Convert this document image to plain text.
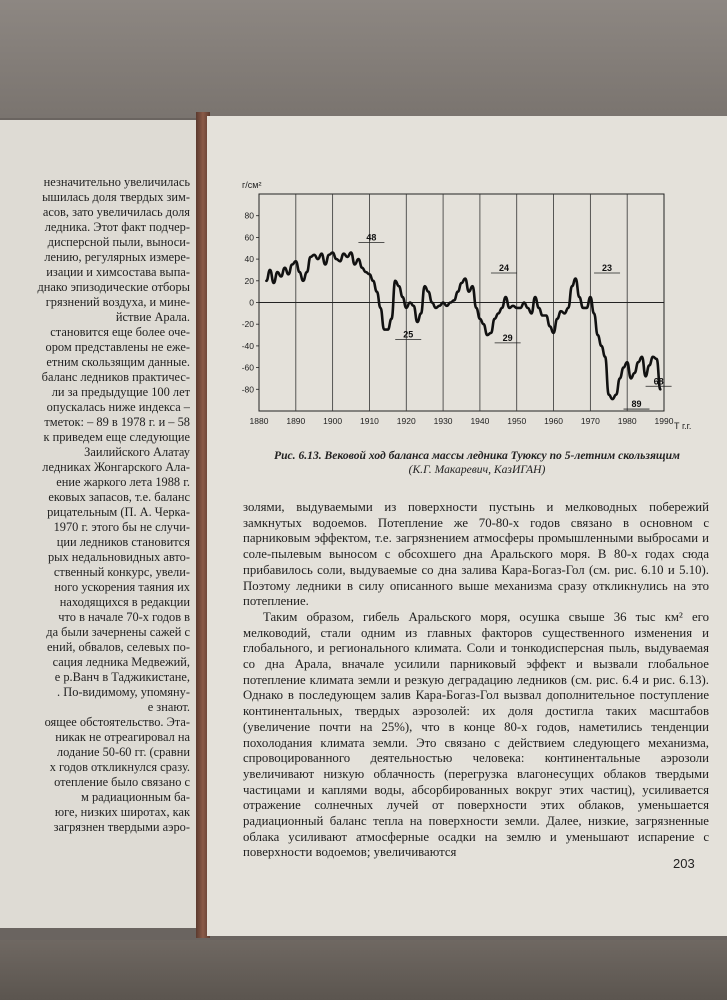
незначительно увеличилась
ышилась доля твердых зим-
асов, зато увеличилась доля
ледника. Этот факт подчер-
дисперсной пыли, выноси-
лению, регулярных измере-
изации и химсостава выпа-
днако эпизодические отборы
грязнений воздуха, и мине-
йствие Арала.
становится еще более оче-
ором представлены не еже-
етним скользящим данные.
баланс ледников практичес-
ли за предыдущие 100 лет
опускалась ниже индекса –
тметок: – 89 в 1978 г. и – 58
к приведем еще следующие
Заилийского Алатау
ледниках Жонгарского Ала-
ение жаркого лета 1988 г.
ековых запасов, т.е. баланс
рицательным (П. А. Черка-
1970 г. этого бы не случи-
ции ледников становится
рых недальновидных авто-
ственный конкурс, увели-
ного ускорения таяния их
находящихся в редакции
что в начале 70-х годов в
да были зачернены сажей с
ений, обвалов, селевых по-
сация ледника Медвежий,
е р.Ванч в Таджикистане,
. По-видимому, упомяну-
е знают.
оящее обстоятельство. Эта-
никак не отреагировал на
лодание 50-60 гг. (сравни
х годов откликнулся сразу.
отепление было связано с
м радиационным ба-
юге, низких широтах, как
загрязнен твердыми аэро-
80
60
40
20
0
-20
-40
-60
-80
1880 1890 1900 1910 1920 1930 1940 1950 1960 1970 1980 1990
48
25
24
29
23
89
68
г/см²
Т г.г.
Рис. 6.13. Вековой ход баланса массы ледника Туюксу по 5-летним скользящим
(К.Г. Макаревич, КазИГАН)

золями, выдуваемыми из поверхности пустынь и мелководных побережий замкнутых водоемов. Потепление же 70-80-х годов связано в основном с парниковым эффектом, т.е. загрязнением атмосферы промышленными выбросами и соле-пылевым выносом с обсохшего дна Аральского моря. В 80-х годах сюда прибавилось соли, выдуваемые со дна залива Кара-Богаз-Гол (см. рис. 6.10 и 5.10). Поэтому ледники в силу описанного выше механизма сразу откликнулись на это потепление.

Таким образом, гибель Аральского моря, осушка свыше 36 тыс км² его мелководий, стали одним из главных факторов существенного изменения и глобального, и регионального климата. Соли и тонкодисперсная пыль, выдуваемая со дна Арала, вначале усилили парниковый эффект и вызвали глобальное потепление климата земли и резкую деградацию ледников (см. рис. 6.4 и рис. 6.13). Однако в последующем залив Кара-Богаз-Гол вызвал дополнительное поступление континентальных, твердых аэрозолей: их доля достигла таких масштабов (увеличение почти на 25%), что в конце 80-х годов, наметились тенденции похолодания климата земли. Это связано с действием следующего механизма, спровоцированного деятельностью человека: континентальные аэрозоли увеличивают низкую облачность (перегрузка влагонесущих облаков твердыми частицами и каплями воды, абсорбированных вокруг этих частиц), усиливается отражение солнечных лучей от поверхности этих облаков, уменьшается радиационный баланс тепла на поверхности земли. Далее, низкие, загрязненные облака усиливают атмосферные осадки на землю и уменьшают испарение с поверхности водоемов; увеличиваются

203
